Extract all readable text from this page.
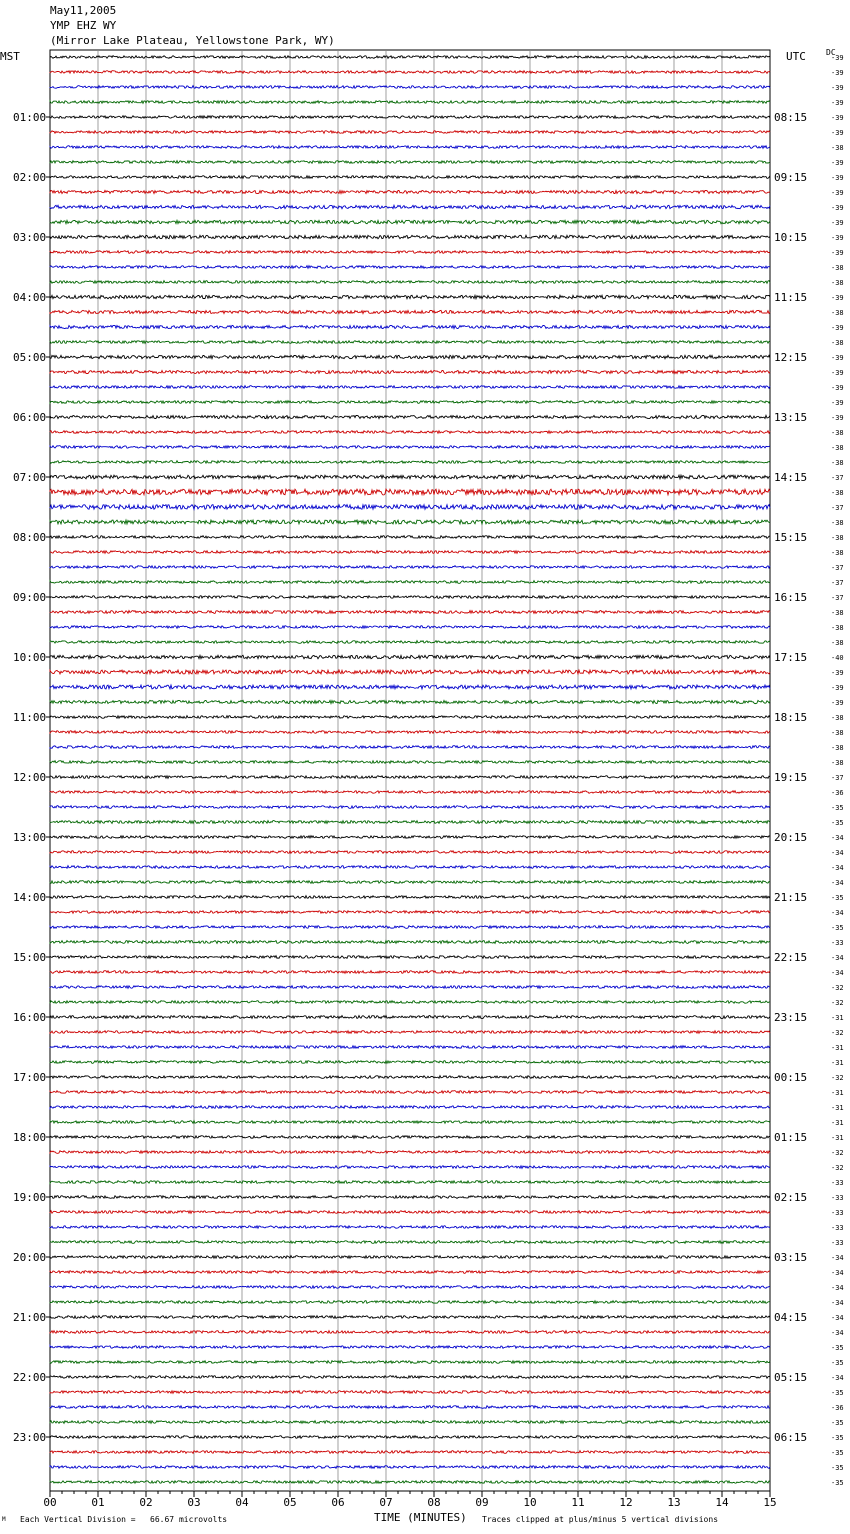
May11,2005
YMP EHZ WY
(Mirror Lake Plateau, Yellowstone Park, WY)
MST	UTC	DC
-39
-39
-39
-39
-39
-39
-38
-39
-39
-39
-39
-39
-39
-39
-38
-38
-39
-38
-39
-38
-39
-39
-39
-39
-39
-38
-38
-38
-37
-38
-37
-38
-38
-38
-37
-37
-37
-38
-38
-38
-40
-39
-39
-39
-38
-38
-38
-38
-37
-36
-35
-35
-34
-34
-34
-34
-35
-34
-35
-33
-34
-34
-32
-32
-31
-32
-31
-31
-32
-31
-31
-31
-31
-32
-32
-33
-33
-33
-33
-33
-34
-34
-34
-34
-34
-34
-35
-35
-34
-35
-36
-35
-35
-35
-35
-35
01:00	08:15
02:00	09:15
03:00	10:15
04:00	11:15
05:00	12:15
06:00	13:15
07:00	14:15
08:00	15:15
09:00	16:15
10:00	17:15
11:00	18:15
12:00	19:15
13:00	20:15
14:00	21:15
15:00	22:15
16:00	23:15
17:00	00:15
18:00	01:15
19:00	02:15
20:00	03:15
21:00	04:15
22:00	05:15
23:00	06:15
00	01	02	03	04	05	06	07	08	09	10	11	12	13	14	15
M Each Vertical Division =   66.67 microvolts	TIME (MINUTES) Traces clipped at plus/minus 5 vertical divisions
